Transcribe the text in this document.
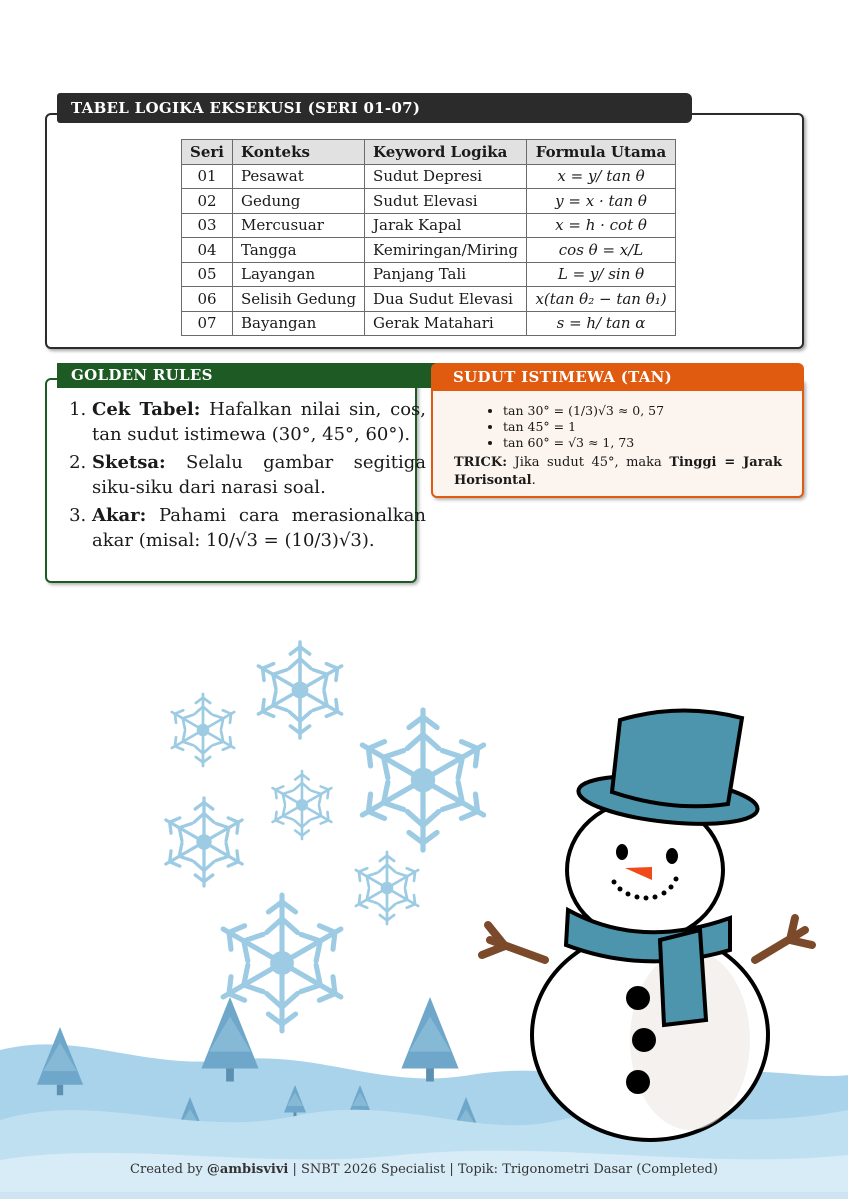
TABEL LOGIKA EKSEKUSI (SERI 01-07)
Seri	Konteks	Keyword Logika	Formula Utama
01	Pesawat	Sudut Depresi	x = y/ tan θ
02	Gedung	Sudut Elevasi	y = x · tan θ
03	Mercusuar	Jarak Kapal	x = h · cot θ
04	Tangga	Kemiringan/Miring	cos θ = x/L
05	Layangan	Panjang Tali	L = y/ sin θ
06	Selisih Gedung	Dua Sudut Elevasi	x(tan θ₂ − tan θ₁)
07	Bayangan	Gerak Matahari	s = h/ tan α
GOLDEN RULES
1. Cek Tabel: Hafalkan nilai sin, cos, tan sudut istimewa (30°, 45°, 60°).
2. Sketsa: Selalu gambar segitiga siku-siku dari narasi soal.
3. Akar: Pahami cara merasionalkan akar (misal: 10/√3 = (10/3)√3).
SUDUT ISTIMEWA (TAN)
• tan 30° = (1/3)√3 ≈ 0, 57
• tan 45° = 1
• tan 60° = √3 ≈ 1, 73

TRICK: Jika sudut 45°, maka Tinggi = Jarak Horisontal.

Created by @ambisvivi | SNBT 2026 Specialist | Topik: Trigonometri Dasar (Completed)
